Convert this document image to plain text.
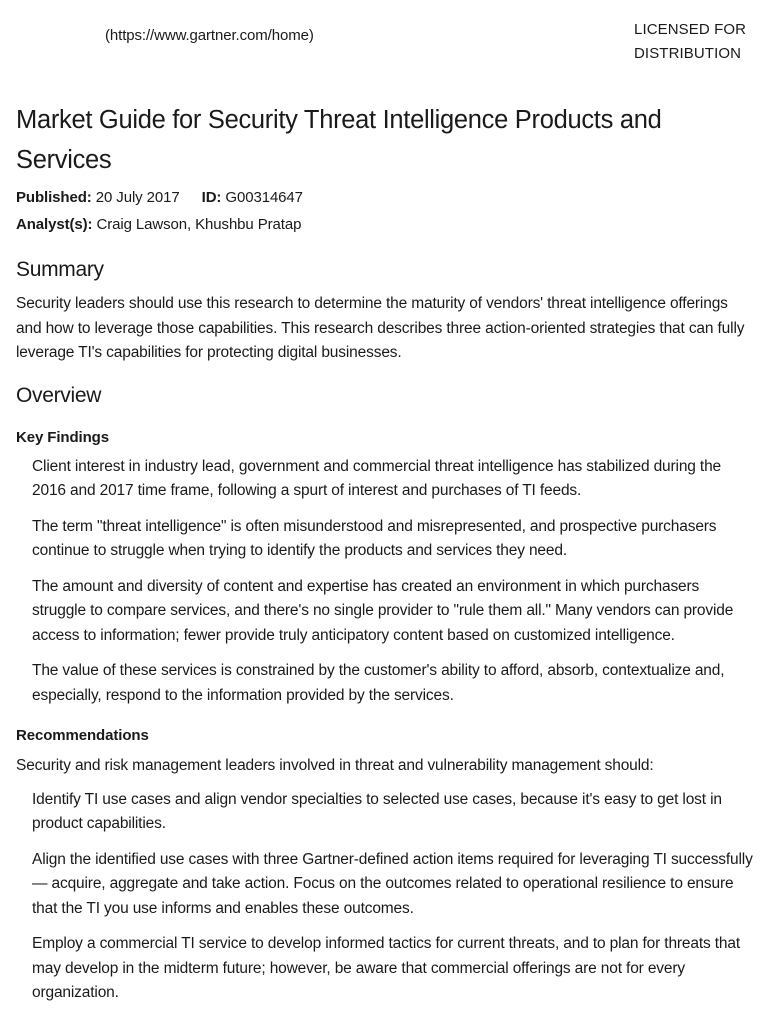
(https://www.gartner.com/home)	LICENSED FOR
DISTRIBUTION
Market Guide for Security Threat Intelligence Products and Services
Published: 20 July 2017 ID: G00314647
Analyst(s): Craig Lawson, Khushbu Pratap
Summary

Security leaders should use this research to determine the maturity of vendors' threat intelligence offerings and how to leverage those capabilities. This research describes three action-oriented strategies that can fully leverage TI's capabilities for protecting digital businesses.

Overview
Key Findings
Client interest in industry lead, government and commercial threat intelligence has stabilized during the 2016 and 2017 time frame, following a spurt of interest and purchases of TI feeds.
The term "threat intelligence" is often misunderstood and misrepresented, and prospective purchasers continue to struggle when trying to identify the products and services they need.
The amount and diversity of content and expertise has created an environment in which purchasers struggle to compare services, and there's no single provider to "rule them all." Many vendors can provide access to information; fewer provide truly anticipatory content based on customized intelligence.
The value of these services is constrained by the customer's ability to afford, absorb, contextualize and, especially, respond to the information provided by the services.
Recommendations

Security and risk management leaders involved in threat and vulnerability management should:

Identify TI use cases and align vendor specialties to selected use cases, because it's easy to get lost in product capabilities.
Align the identified use cases with three Gartner-defined action items required for leveraging TI successfully — acquire, aggregate and take action. Focus on the outcomes related to operational resilience to ensure that the TI you use informs and enables these outcomes.
Employ a commercial TI service to develop informed tactics for current threats, and to plan for threats that may develop in the midterm future; however, be aware that commercial offerings are not for every organization.
